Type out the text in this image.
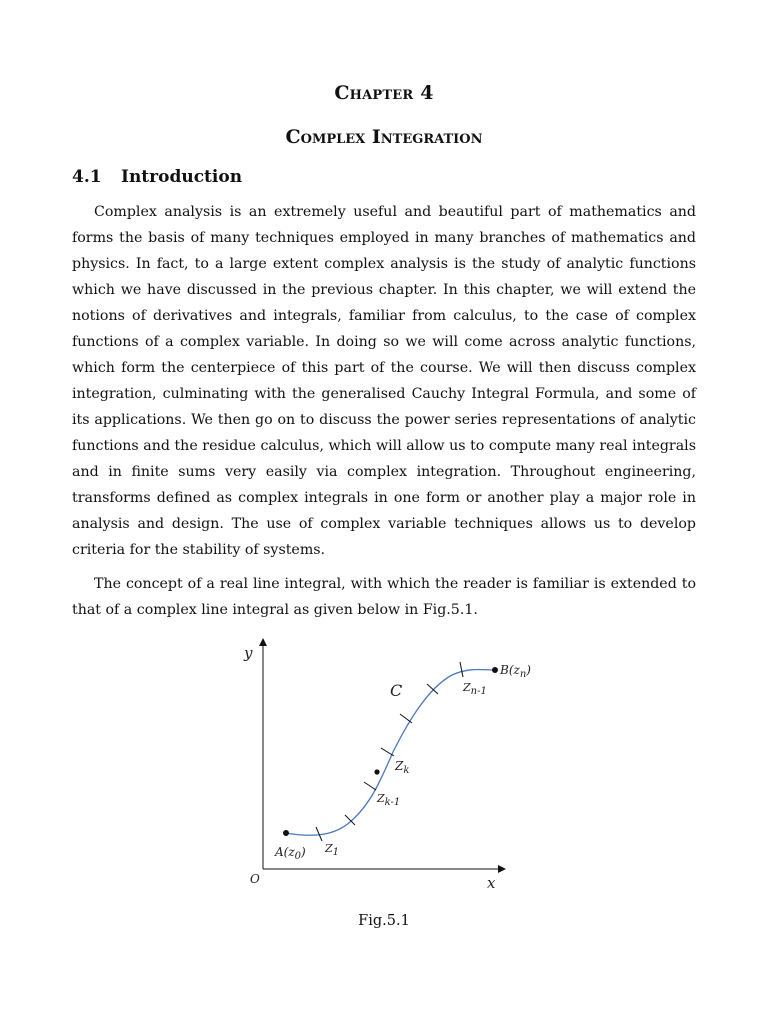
Chapter 4
Complex Integration
4.1 Introduction

Complex analysis is an extremely useful and beautiful part of mathematics and forms the basis of many techniques employed in many branches of mathematics and physics. In fact, to a large extent complex analysis is the study of analytic functions which we have discussed in the previous chapter. In this chapter, we will extend the notions of derivatives and integrals, familiar from calculus, to the case of complex functions of a complex variable. In doing so we will come across analytic functions, which form the centerpiece of this part of the course. We will then discuss complex integration, culminating with the generalised Cauchy Integral Formula, and some of its applications. We then go on to discuss the power series representations of analytic functions and the residue calculus, which will allow us to compute many real integrals and in finite sums very easily via complex integration. Throughout engineering, transforms defined as complex integrals in one form or another play a major role in analysis and design. The use of complex variable techniques allows us to develop criteria for the stability of systems.

The concept of a real line integral, with which the reader is familiar is extended to that of a complex line integral as given below in Fig.5.1.

y
x
O
C
$A(z_0)$
$B(z_n)$
Z1
Zk-1
$Z_k$
Zn-1
Fig.5.1
